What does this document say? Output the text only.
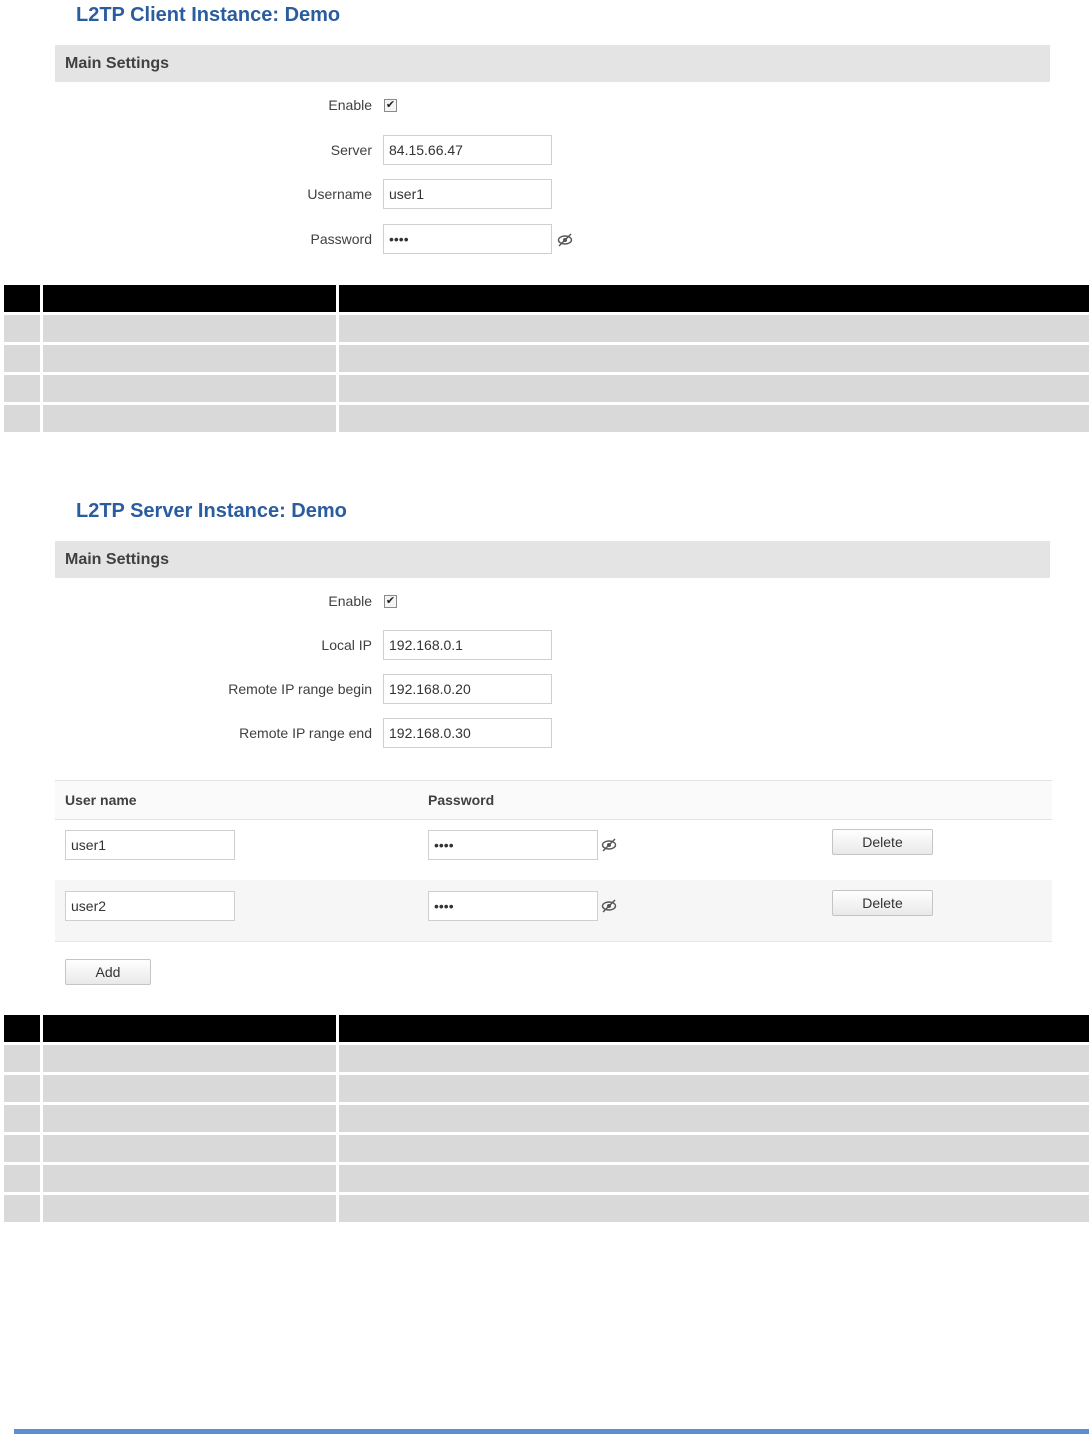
L2TP Client Instance: Demo
Main Settings
Enable ✔
Server
84.15.66.47
Username
user1
Password
••••
L2TP Server Instance: Demo
Main Settings
Enable ✔
Local IP
192.168.0.1
Remote IP range begin
192.168.0.20
Remote IP range end
192.168.0.30
User name	Password
user1
••••
Delete
user2
••••
Delete
Add
